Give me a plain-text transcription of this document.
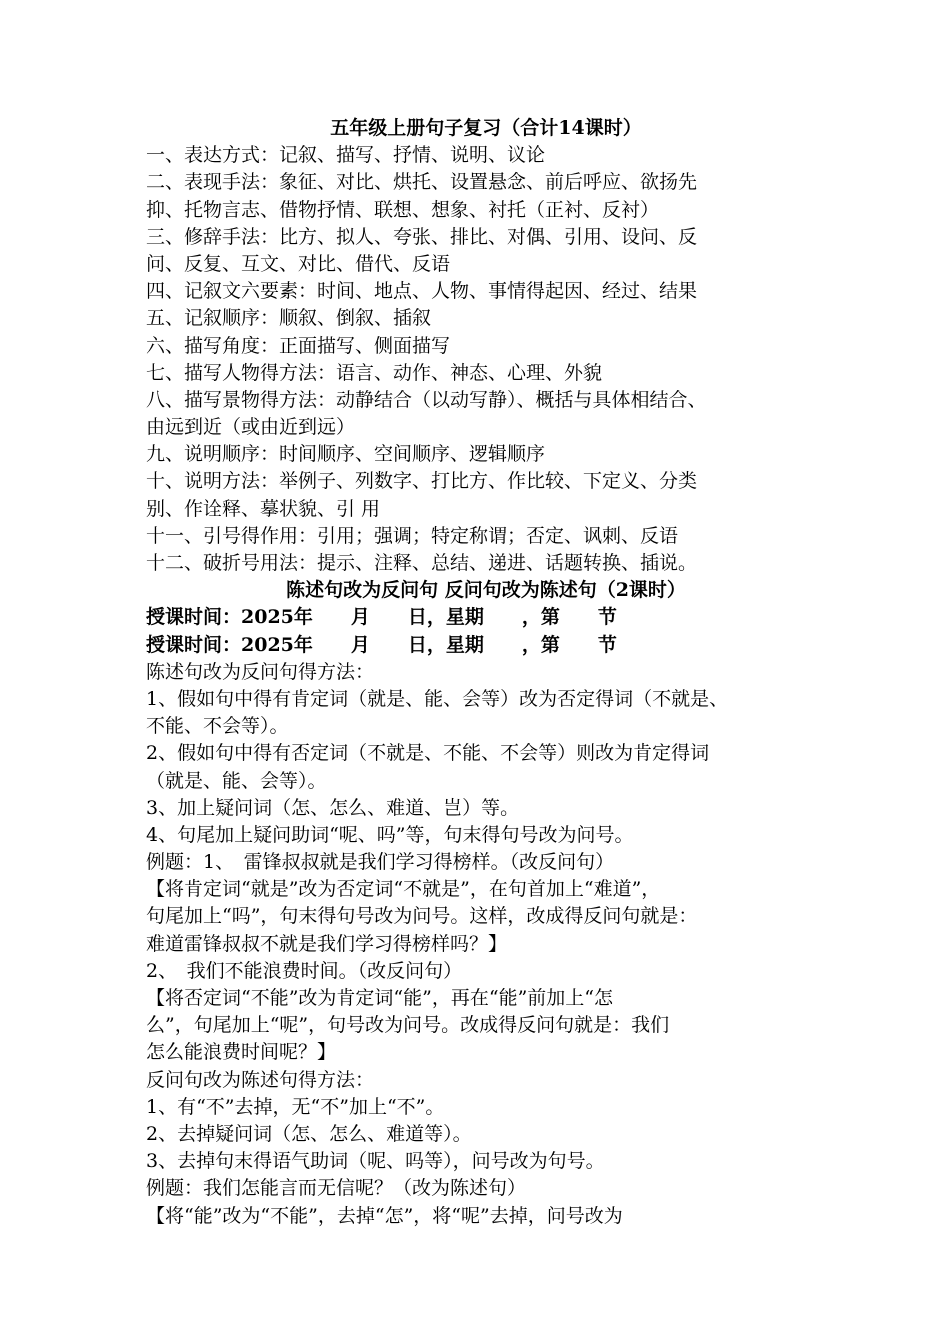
五年级上册句子复习（合计14课时）
一、表达方式：记叙、描写、抒情、说明、议论
二、表现手法：象征、对比、烘托、设置悬念、前后呼应、欲扬先
抑、托物言志、借物抒情、联想、想象、衬托（正衬、反衬）
三、修辞手法：比方、拟人、夸张、排比、对偶、引用、设问、反
问、反复、互文、对比、借代、反语
四、记叙文六要素：时间、地点、人物、事情得起因、经过、结果
五、记叙顺序：顺叙、倒叙、插叙
六、描写角度：正面描写、侧面描写
七、描写人物得方法：语言、动作、神态、心理、外貌
八、描写景物得方法：动静结合（以动写静）、概括与具体相结合、
由远到近（或由近到远）
九、说明顺序：时间顺序、空间顺序、逻辑顺序
十、说明方法：举例子、列数字、打比方、作比较、下定义、分类
别、作诠释、摹状貌、引 用
十一、引号得作用：引用；强调；特定称谓；否定、讽刺、反语
十二、破折号用法：提示、注释、总结、递进、话题转换、插说。
陈述句改为反问句 反问句改为陈述句（2课时）
授课时间：2025年　　月　　日，星期　　，第　　节
授课时间：2025年　　月　　日，星期　　，第　　节
陈述句改为反问句得方法：
1、假如句中得有肯定词（就是、能、会等）改为否定得词（不就是、
不能、不会等）。
2、假如句中得有否定词（不就是、不能、不会等）则改为肯定得词
（就是、能、会等）。
3、加上疑问词（怎、怎么、难道、岂）等。
4、句尾加上疑问助词“呢、吗”等，句末得句号改为问号。
例题：1、　雷锋叔叔就是我们学习得榜样。（改反问句）
【将肯定词“就是”改为否定词“不就是”，在句首加上“难道”，
句尾加上“吗”，句末得句号改为问号。这样，改成得反问句就是：
难道雷锋叔叔不就是我们学习得榜样吗？】
2、　我们不能浪费时间。（改反问句）
【将否定词“不能”改为肯定词“能”，再在“能”前加上“怎
么”，句尾加上“呢”，句号改为问号。改成得反问句就是：我们
怎么能浪费时间呢？】
反问句改为陈述句得方法：
1、有“不”去掉，无“不”加上“不”。
2、去掉疑问词（怎、怎么、难道等）。
3、去掉句末得语气助词（呢、吗等），问号改为句号。
例题：我们怎能言而无信呢？（改为陈述句）
【将“能”改为“不能”，去掉“怎”，将“呢”去掉，问号改为
